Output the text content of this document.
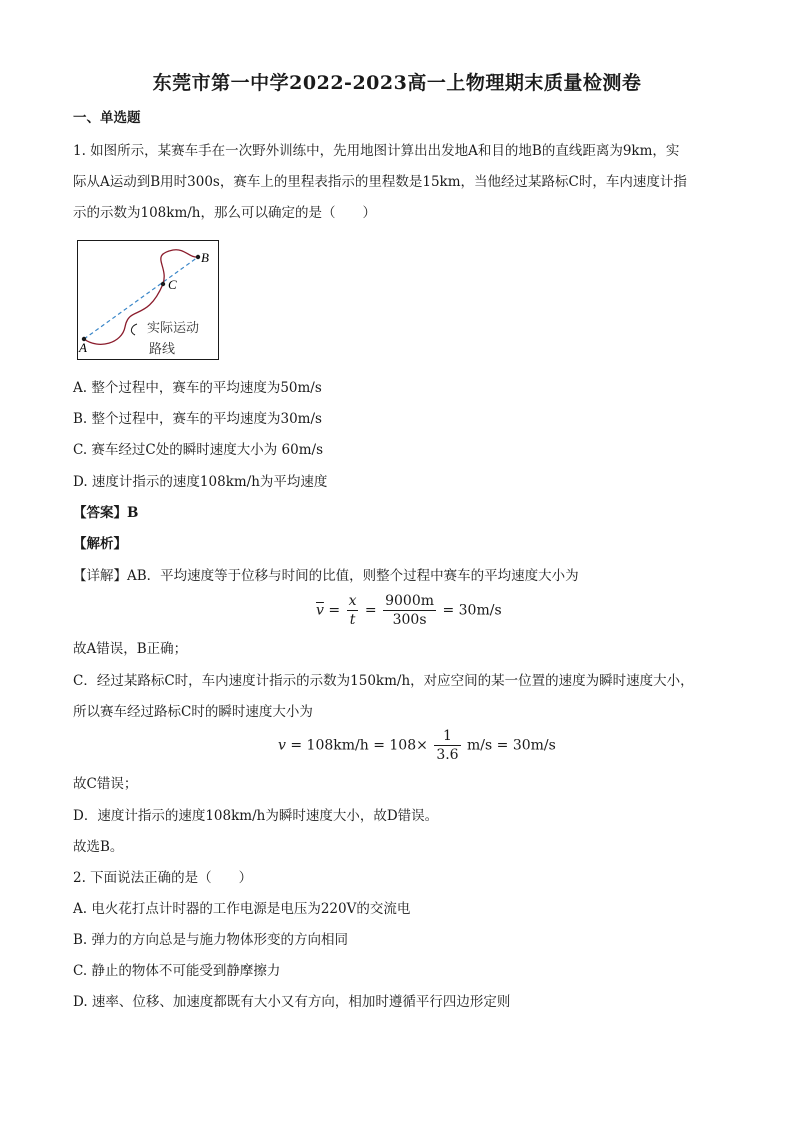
东莞市第一中学2022-2023高一上物理期末质量检测卷
一、单选题
1. 如图所示，某赛车手在一次野外训练中，先用地图计算出出发地A和目的地B的直线距离为9km，实
际从A运动到B用时300s，赛车上的里程表指示的里程数是15km，当他经过某路标C时，车内速度计指
示的示数为108km/h，那么可以确定的是（　　）
A
B
C
实际运动
路线
A. 整个过程中，赛车的平均速度为50m/s
B. 整个过程中，赛车的平均速度为30m/s
C. 赛车经过C处的瞬时速度大小为 60m/s
D. 速度计指示的速度108km/h为平均速度
【答案】B
【解析】
【详解】AB．平均速度等于位移与时间的比值，则整个过程中赛车的平均速度大小为
$\overline{v} = \frac{x}{t} = \frac{9000m}{300s} = 30m/s$
故A错误，B正确；
C．经过某路标C时，车内速度计指示的示数为150km/h，对应空间的某一位置的速度为瞬时速度大小，
所以赛车经过路标C时的瞬时速度大小为
$v = 108km/h = 108\times \frac{1}{3.6} m/s = 30m/s$
故C错误；
D．速度计指示的速度108km/h为瞬时速度大小，故D错误。
故选B。
2. 下面说法正确的是（　　）
A. 电火花打点计时器的工作电源是电压为220V的交流电
B. 弹力的方向总是与施力物体形变的方向相同
C. 静止的物体不可能受到静摩擦力
D. 速率、位移、加速度都既有大小又有方向，相加时遵循平行四边形定则
